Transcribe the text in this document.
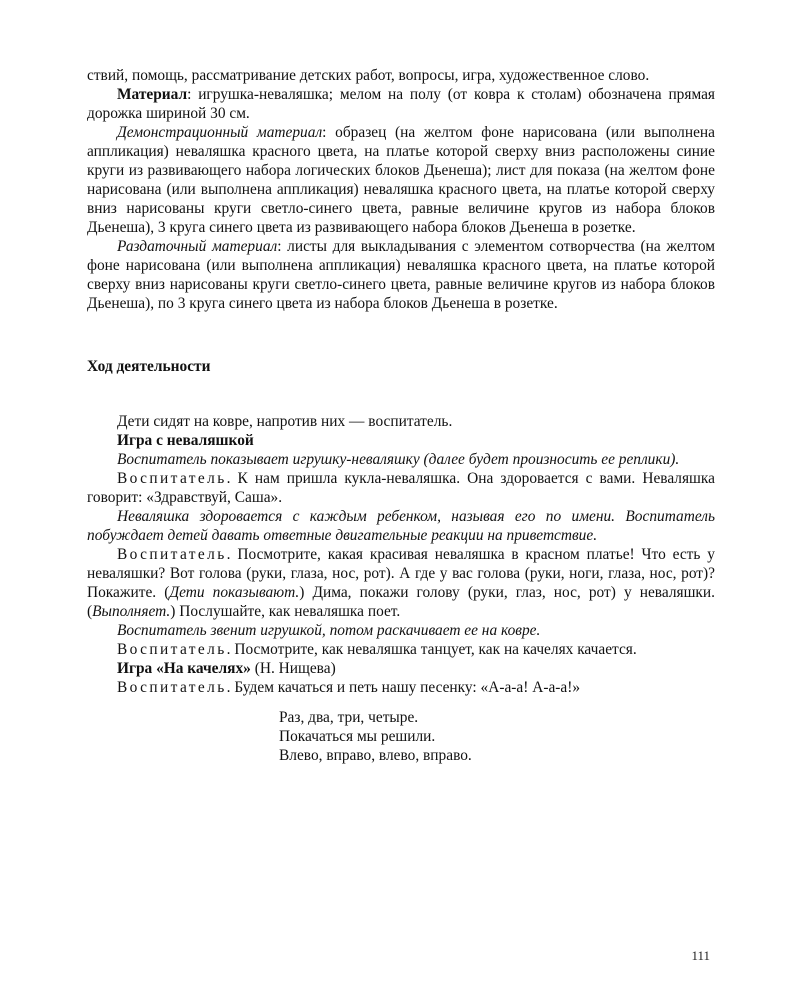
ствий, помощь, рассматривание детских работ, вопросы, игра, художественное слово.

Материал: игрушка-неваляшка; мелом на полу (от ковра к столам) обозначена прямая дорожка шириной 30 см.

Демонстрационный материал: образец (на желтом фоне нарисована (или выполнена аппликация) неваляшка красного цвета, на платье которой сверху вниз расположены синие круги из развивающего набора логических блоков Дьенеша); лист для показа (на желтом фоне нарисована (или выполнена аппликация) неваляшка красного цвета, на платье которой сверху вниз нарисованы круги светло-синего цвета, равные величине кругов из набора блоков Дьенеша), 3 круга синего цвета из развивающего набора блоков Дьенеша в розетке.

Раздаточный материал: листы для выкладывания с элементом сотворчества (на желтом фоне нарисована (или выполнена аппликация) неваляшка красного цвета, на платье которой сверху вниз нарисованы круги светло-синего цвета, равные величине кругов из набора блоков Дьенеша), по 3 круга синего цвета из набора блоков Дьенеша в розетке.

Ход деятельности

Дети сидят на ковре, напротив них — воспитатель.

Игра с неваляшкой

Воспитатель показывает игрушку-неваляшку (далее будет произносить ее реплики).

Воспитатель. К нам пришла кукла-неваляшка. Она здоровается с вами. Неваляшка говорит: «Здравствуй, Саша».

Неваляшка здоровается с каждым ребенком, называя его по имени. Воспитатель побуждает детей давать ответные двигательные реакции на приветствие.

Воспитатель. Посмотрите, какая красивая неваляшка в красном платье! Что есть у неваляшки? Вот голова (руки, глаза, нос, рот). А где у вас голова (руки, ноги, глаза, нос, рот)? Покажите. (Дети показывают.) Дима, покажи голову (руки, глаз, нос, рот) у неваляшки. (Выполняет.) Послушайте, как неваляшка поет.

Воспитатель звенит игрушкой, потом раскачивает ее на ковре.

Воспитатель. Посмотрите, как неваляшка танцует, как на качелях качается.

Игра «На качелях» (Н. Нищева)

Воспитатель. Будем качаться и петь нашу песенку: «А-а-а! А-а-а!»

Раз, два, три, четыре.
Покачаться мы решили.
Влево, вправо, влево, вправо.
111
